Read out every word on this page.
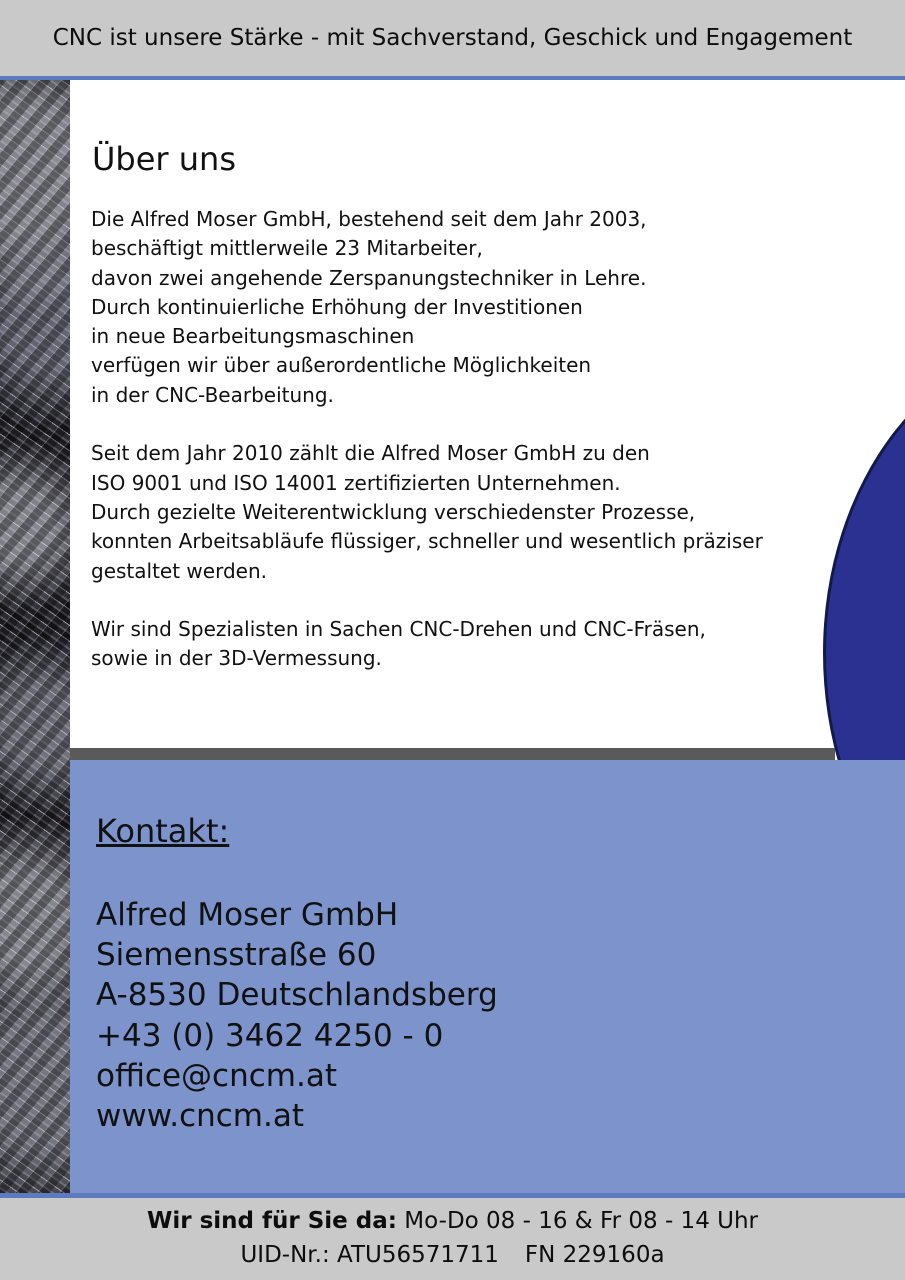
CNC ist unsere Stärke - mit Sachverstand, Geschick und Engagement
Über uns

Die Alfred Moser GmbH, bestehend seit dem Jahr 2003,
beschäftigt mittlerweile 23 Mitarbeiter,
davon zwei angehende Zerspanungstechniker in Lehre.
Durch kontinuierliche Erhöhung der Investitionen
in neue Bearbeitungsmaschinen
verfügen wir über außerordentliche Möglichkeiten
in der CNC-Bearbeitung.

Seit dem Jahr 2010 zählt die Alfred Moser GmbH zu den
ISO 9001 und ISO 14001 zertifizierten Unternehmen.
Durch gezielte Weiterentwicklung verschiedenster Prozesse,
konnten Arbeitsabläufe flüssiger, schneller und wesentlich präziser
gestaltet werden.

Wir sind Spezialisten in Sachen CNC-Drehen und CNC-Fräsen,
sowie in der 3D-Vermessung.

Kontakt:
Alfred Moser GmbH
Siemensstraße 60
A-8530 Deutschlandsberg
+43 (0) 3462 4250 - 0
office@cncm.at
www.cncm.at
Wir sind für Sie da: Mo-Do 08 - 16 & Fr 08 - 14 Uhr
UID-Nr.: ATU56571711 FN 229160a
